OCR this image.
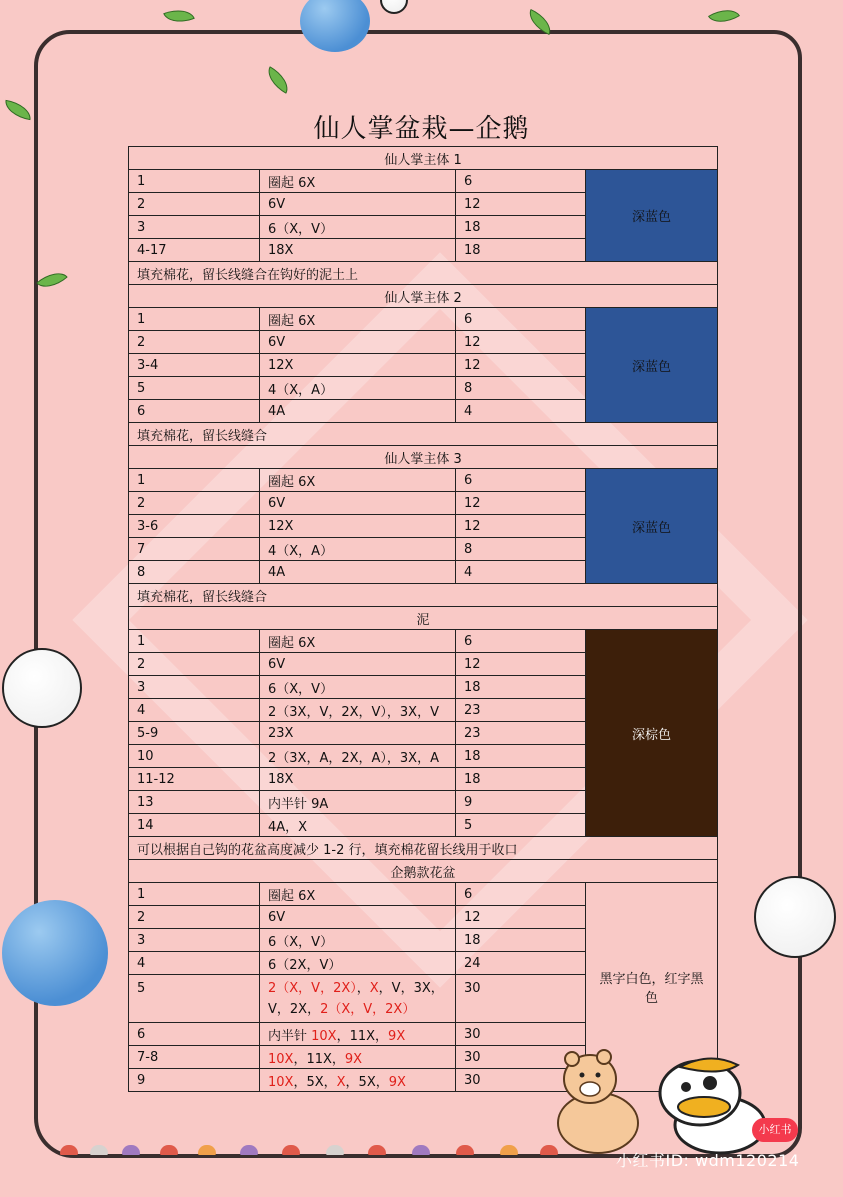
仙人掌盆栽—企鹅
仙人掌主体 1			
1	圈起 6X	6	深蓝色
2	6V	12	
3	6（X，V）	18	
4-17	18X	18	
填充棉花，留长线缝合在钩好的泥土上			
仙人掌主体 2			
1	圈起 6X	6	深蓝色
2	6V	12	
3-4	12X	12	
5	4（X，A）	8	
6	4A	4	
填充棉花，留长线缝合			
仙人掌主体 3			
1	圈起 6X	6	深蓝色
2	6V	12	
3-6	12X	12	
7	4（X，A）	8	
8	4A	4	
填充棉花，留长线缝合			
泥			
1	圈起 6X	6	深棕色
2	6V	12	
3	6（X，V）	18	
4	2（3X，V，2X，V），3X，V	23	
5-9	23X	23	
10	2（3X，A，2X，A），3X，A	18	
11-12	18X	18	
13	内半针 9A	9	
14	4A，X	5	
可以根据自己钩的花盆高度减少 1-2 行，填充棉花留长线用于收口			
企鹅款花盆			
1	圈起 6X	6	黑字白色，红字黑色
2	6V	12	
3	6（X，V）	18	
4	6（2X，V）	24	
5	2（X，V，2X），X，V，3X，V，2X，2（X，V，2X）	30	
6	内半针 10X，11X，9X	30	
7-8	10X，11X，9X	30	
9	10X，5X，X，5X，9X	30	
小红书
小红书ID: wdm120214
